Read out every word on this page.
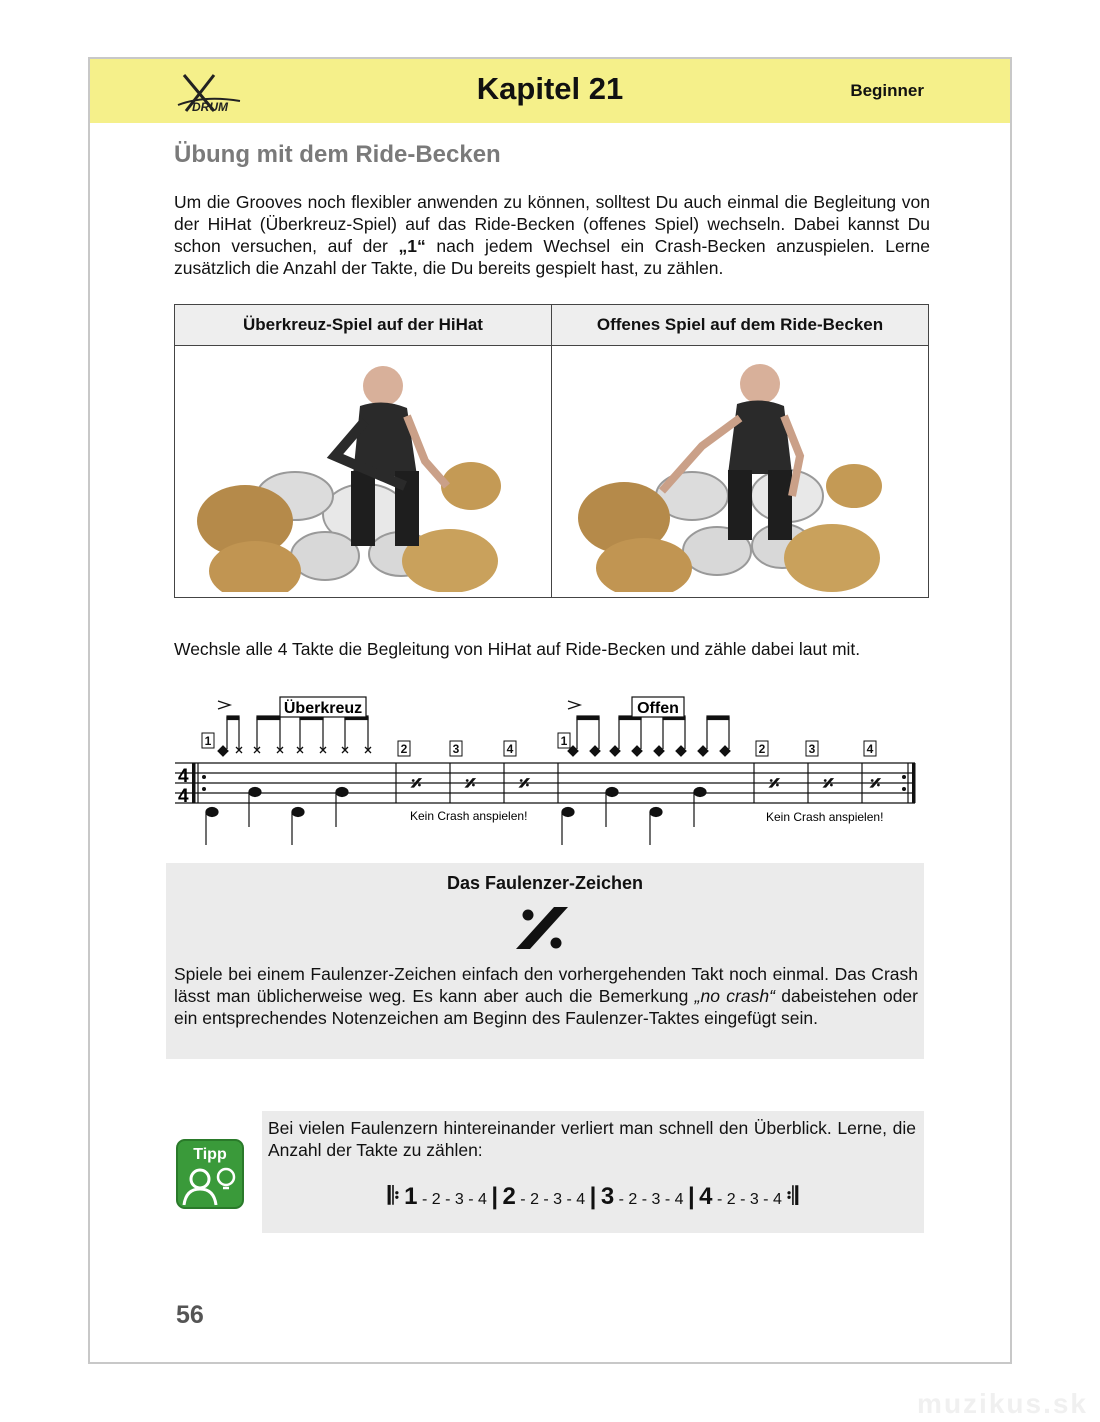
DRUM
Kapitel 21	Beginner
Übung mit dem Ride-Becken

Um die Grooves noch flexibler anwenden zu können, solltest Du auch einmal die Begleitung von der HiHat (Überkreuz-Spiel) auf das Ride-Becken (offenes Spiel) wechseln. Dabei kannst Du schon versuchen, auf der „1“ nach jedem Wechsel ein Crash-Becken anzuspielen. Lerne zusätzlich die Anzahl der Takte, die Du bereits gespielt hast, zu zählen.

Überkreuz-Spiel auf der HiHat	Offenes Spiel auf dem Ride-Becken

Wechsle alle 4 Takte die Begleitung von HiHat auf Ride-Becken und zähle dabei laut mit.

4
4
𝄎 𝄎 𝄎	𝄎 𝄎 𝄎
Überkreuz	Offen
1
2	3	4
1
2	3	4
Kein Crash anspielen!	Kein Crash anspielen!
Das Faulenzer-Zeichen

Spiele bei einem Faulenzer-Zeichen einfach den vorhergehenden Takt noch einmal. Das Crash lässt man üblicherweise weg. Es kann aber auch die Bemerkung „no crash“ dabeistehen oder ein entsprechendes Notenzeichen am Beginn des Faulenzer-Taktes eingefügt sein.

Tipp

Bei vielen Faulenzern hintereinander verliert man schnell den Überblick. Lerne, die Anzahl der Takte zu zählen:

𝄆 1 - 2 - 3 - 4 | 2 - 2 - 3 - 4 | 3 - 2 - 3 - 4 | 4 - 2 - 3 - 4 𝄇
56
muzikus.sk
